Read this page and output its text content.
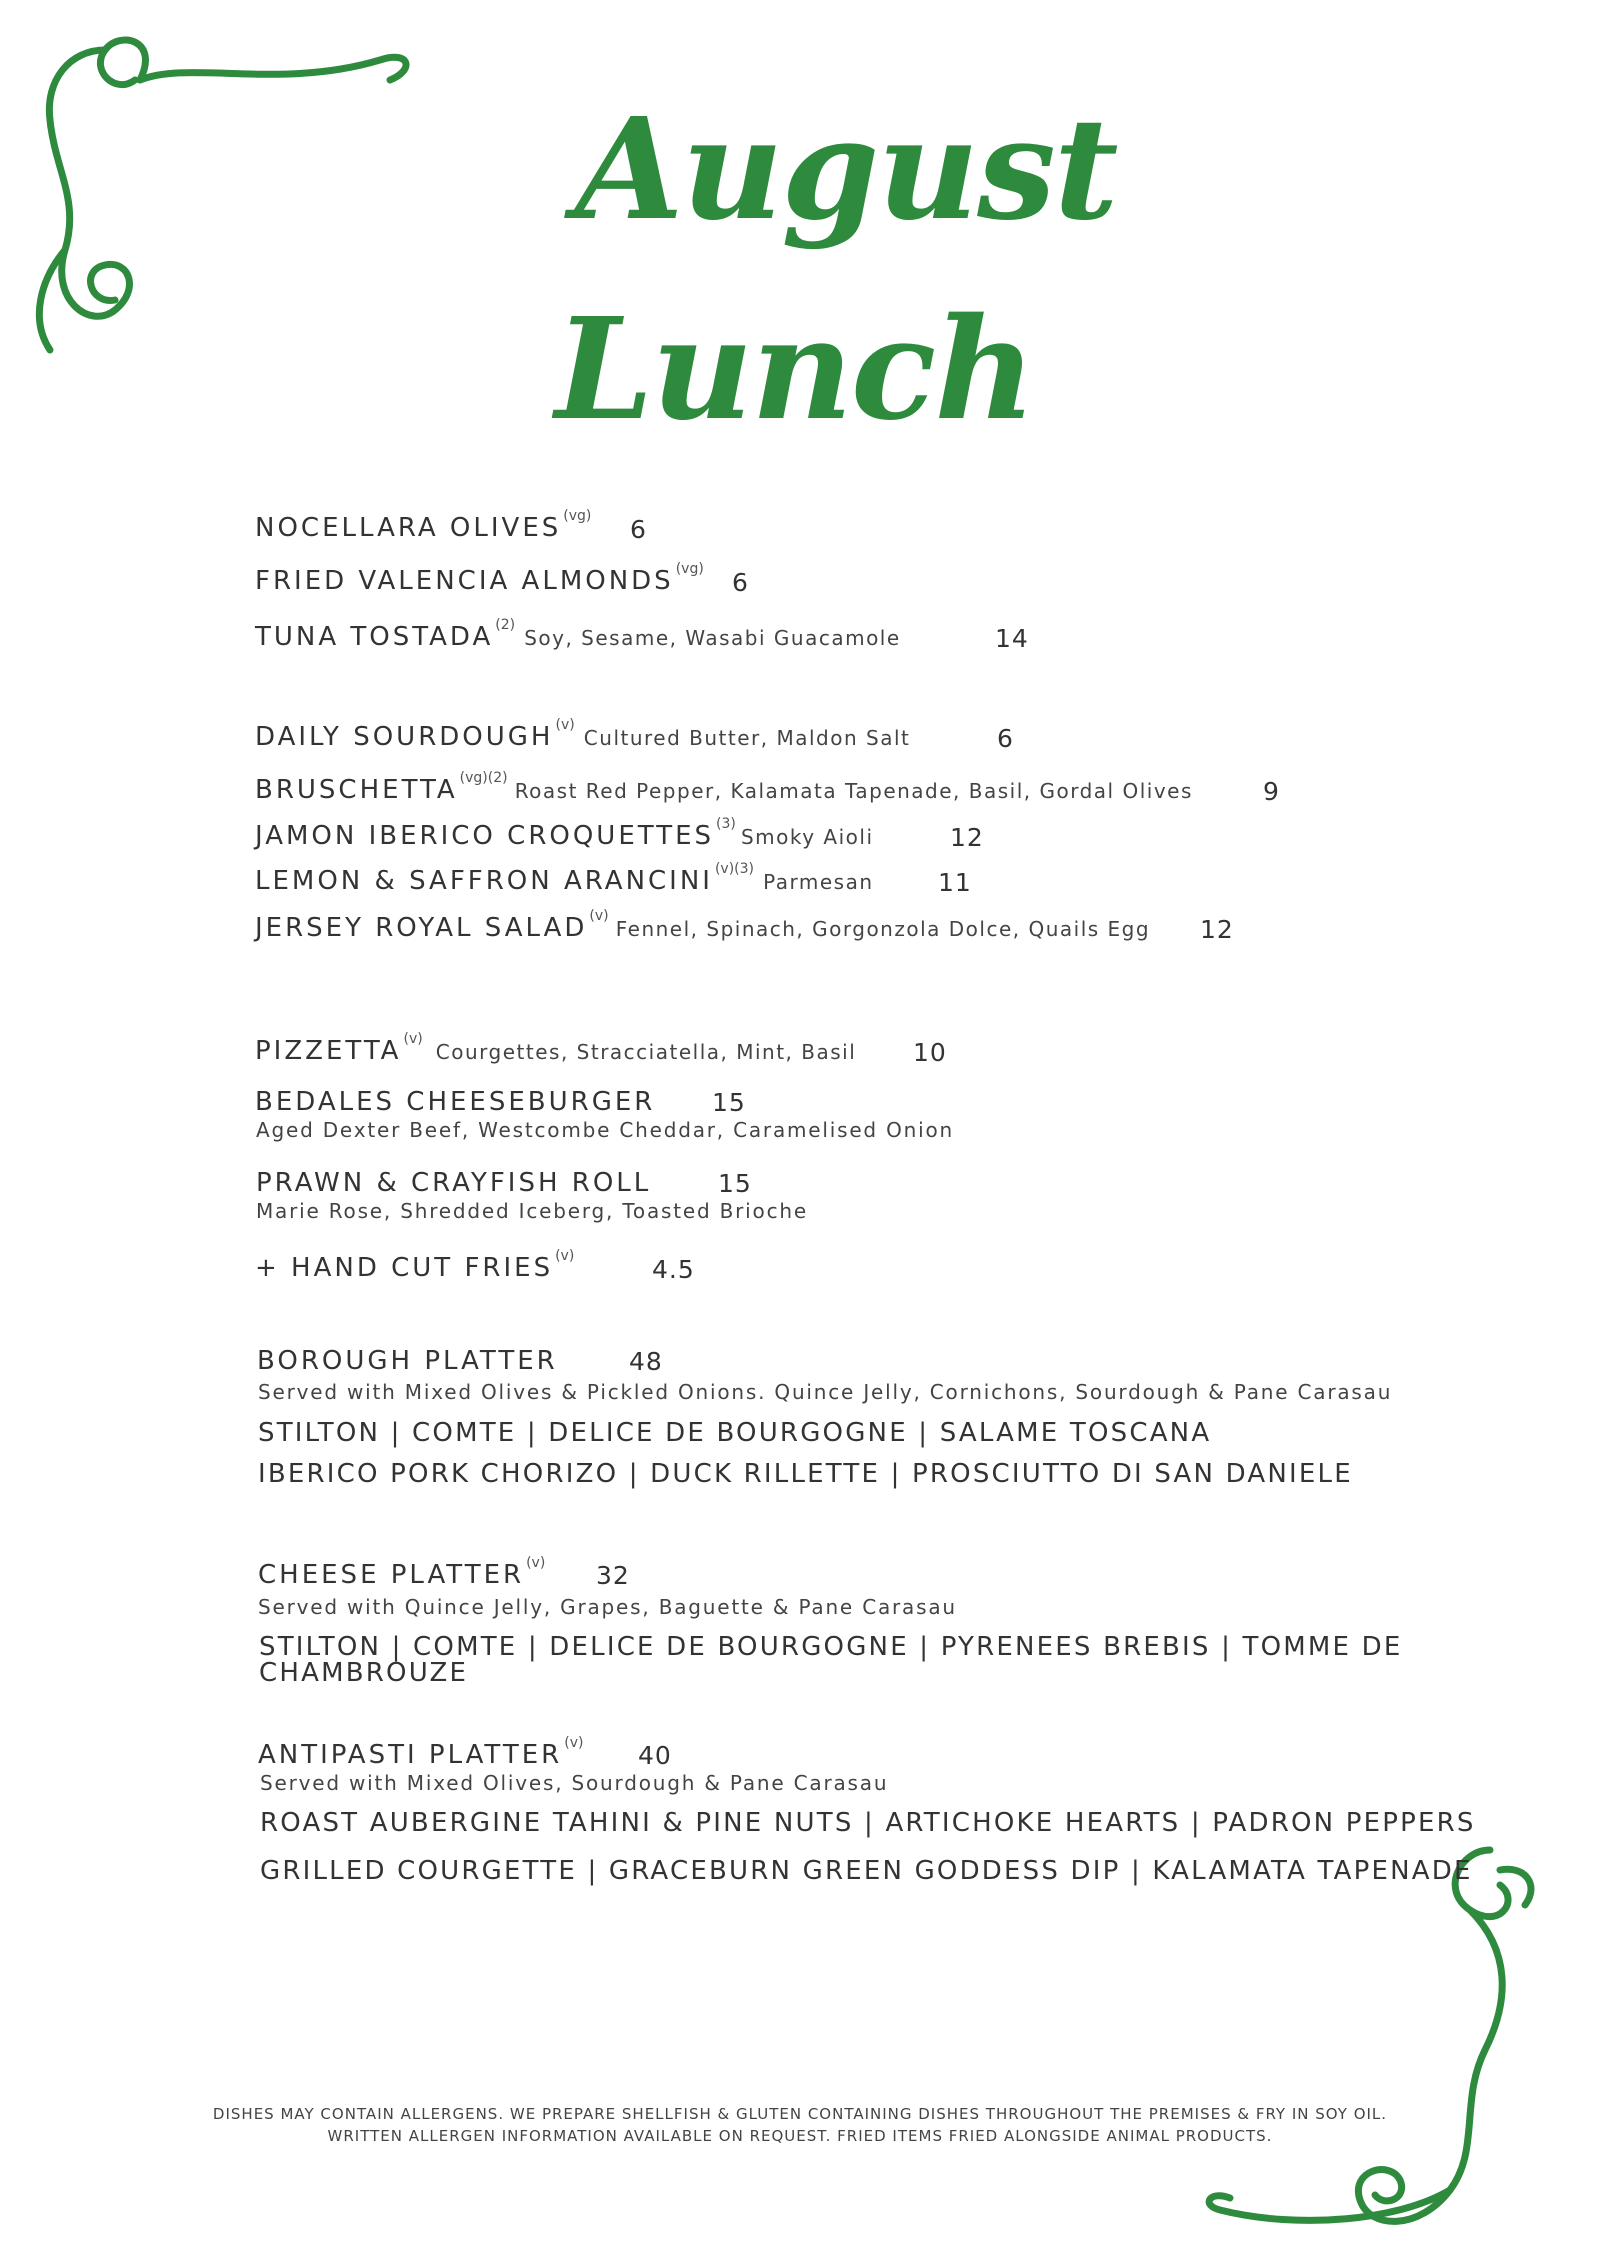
August
Lunch
NOCELLARA OLIVES (vg) 6
FRIED VALENCIA ALMONDS (vg) 6
TUNA TOSTADA (2) Soy, Sesame, Wasabi Guacamole	14
DAILY SOURDOUGH (v) Cultured Butter, Maldon Salt	6
BRUSCHETTA (vg)(2) Roast Red Pepper, Kalamata Tapenade, Basil, Gordal Olives	9
JAMON IBERICO CROQUETTES (3) Smoky Aioli	12
LEMON & SAFFRON ARANCINI (v)(3) Parmesan	11
JERSEY ROYAL SALAD (v) Fennel, Spinach, Gorgonzola Dolce, Quails Egg 12
PIZZETTA (v) Courgettes, Stracciatella, Mint, Basil 10
BEDALES CHEESEBURGER 15
Aged Dexter Beef, Westcombe Cheddar, Caramelised Onion
PRAWN & CRAYFISH ROLL	15
Marie Rose, Shredded Iceberg, Toasted Brioche
+ HAND CUT FRIES (v)	4.5
BOROUGH PLATTER	48
Served with Mixed Olives & Pickled Onions. Quince Jelly, Cornichons, Sourdough & Pane Carasau
STILTON | COMTE | DELICE DE BOURGOGNE | SALAME TOSCANA
IBERICO PORK CHORIZO | DUCK RILLETTE | PROSCIUTTO DI SAN DANIELE
CHEESE PLATTER (v) 32
Served with Quince Jelly, Grapes, Baguette & Pane Carasau
STILTON | COMTE | DELICE DE BOURGOGNE | PYRENEES BREBIS | TOMME DE
CHAMBROUZE
ANTIPASTI PLATTER (v) 40
Served with Mixed Olives, Sourdough & Pane Carasau
ROAST AUBERGINE TAHINI & PINE NUTS | ARTICHOKE HEARTS | PADRON PEPPERS
GRILLED COURGETTE | GRACEBURN GREEN GODDESS DIP | KALAMATA TAPENADE
DISHES MAY CONTAIN ALLERGENS. WE PREPARE SHELLFISH & GLUTEN CONTAINING DISHES THROUGHOUT THE PREMISES & FRY IN SOY OIL.
WRITTEN ALLERGEN INFORMATION AVAILABLE ON REQUEST. FRIED ITEMS FRIED ALONGSIDE ANIMAL PRODUCTS.
